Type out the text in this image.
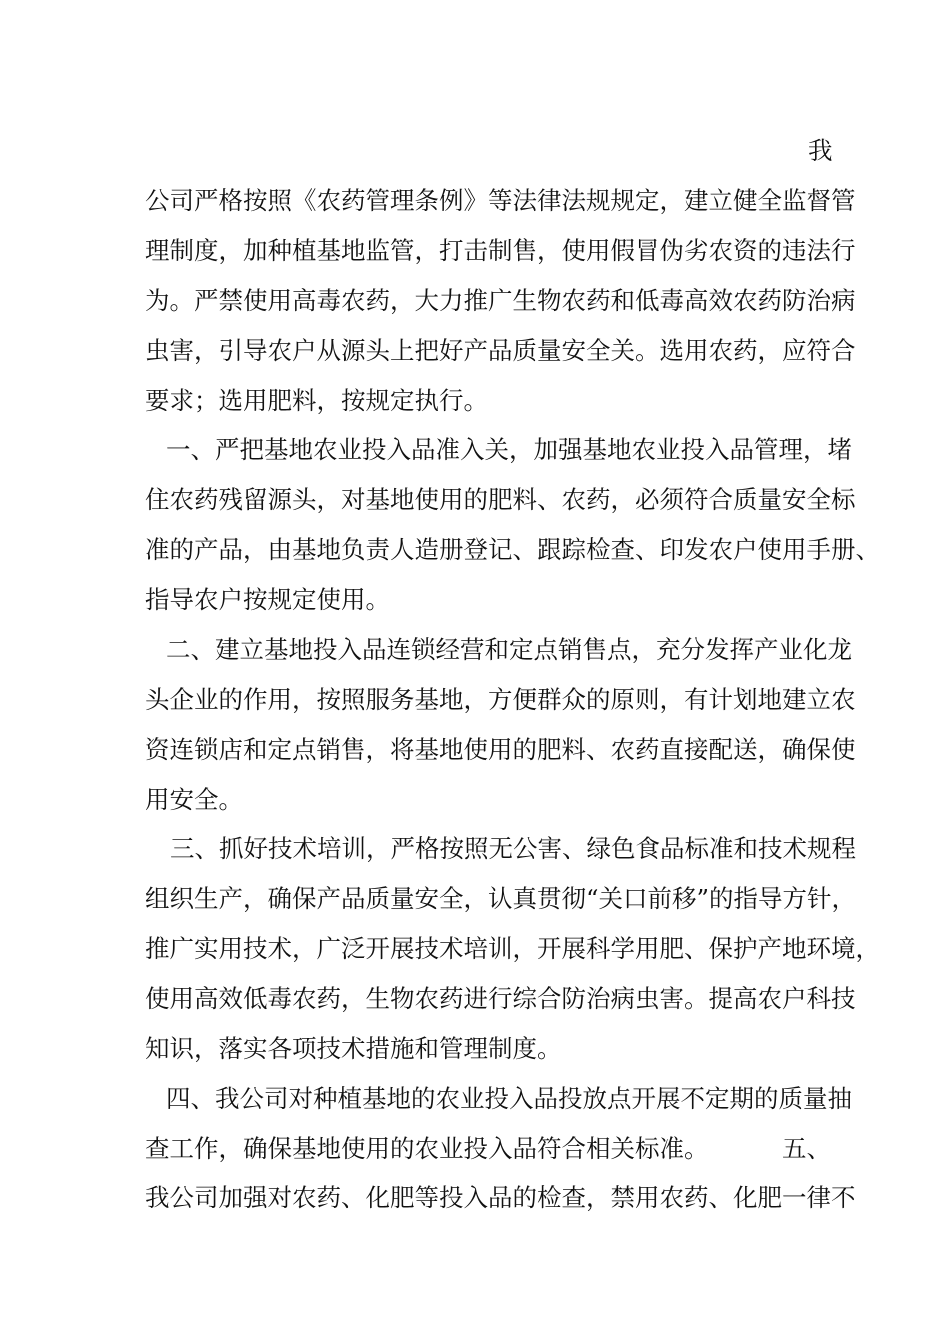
我
公司严格按照《农药管理条例》等法律法规规定，建立健全监督管
理制度，加种植基地监管，打击制售，使用假冒伪劣农资的违法行
为。严禁使用高毒农药，大力推广生物农药和低毒高效农药防治病
虫害，引导农户从源头上把好产品质量安全关。选用农药，应符合
要求；选用肥料，按规定执行。
一、严把基地农业投入品准入关，加强基地农业投入品管理，堵
住农药残留源头，对基地使用的肥料、农药，必须符合质量安全标
准的产品，由基地负责人造册登记、跟踪检查、印发农户使用手册、
指导农户按规定使用。
二、建立基地投入品连锁经营和定点销售点，充分发挥产业化龙
头企业的作用，按照服务基地，方便群众的原则，有计划地建立农
资连锁店和定点销售，将基地使用的肥料、农药直接配送，确保使
用安全。
三、抓好技术培训，严格按照无公害、绿色食品标准和技术规程
组织生产，确保产品质量安全，认真贯彻“关口前移”的指导方针，
推广实用技术，广泛开展技术培训，开展科学用肥、保护产地环境，
使用高效低毒农药，生物农药进行综合防治病虫害。提高农户科技
知识，落实各项技术措施和管理制度。
四、我公司对种植基地的农业投入品投放点开展不定期的质量抽
查工作，确保基地使用的农业投入品符合相关标准。	五、
我公司加强对农药、化肥等投入品的检查，禁用农药、化肥一律不
